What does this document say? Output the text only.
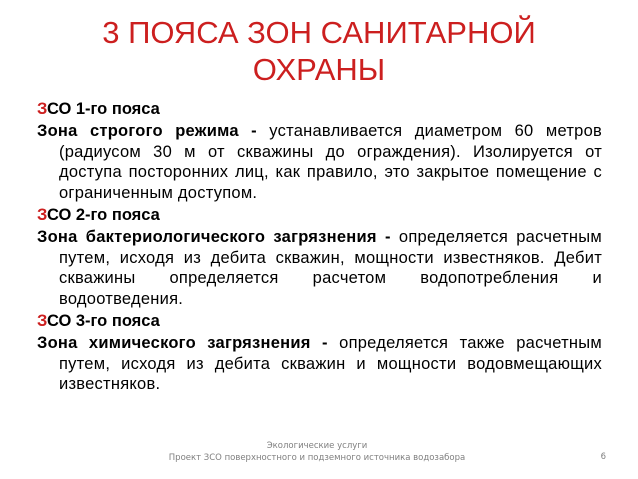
3 ПОЯСА ЗОН САНИТАРНОЙ
ОХРАНЫ
ЗСО 1-го пояса
Зона строгого режима - устанавливается диаметром 60 метров (радиусом 30 м от скважины до ограждения). Изолируется от доступа посторонних лиц, как правило, это закрытое помещение с ограниченным доступом.
ЗСО 2-го пояса
Зона бактериологического загрязнения - определяется расчетным путем, исходя из дебита скважин, мощности известняков. Дебит скважины определяется расчетом водопотребления и водоотведения.
ЗСО 3-го пояса
Зона химического загрязнения - определяется также расчетным путем, исходя из дебита скважин и мощности водовмещающих известняков.
Экологические услуги
Проект ЗСО поверхностного и подземного источника водозабора	6
